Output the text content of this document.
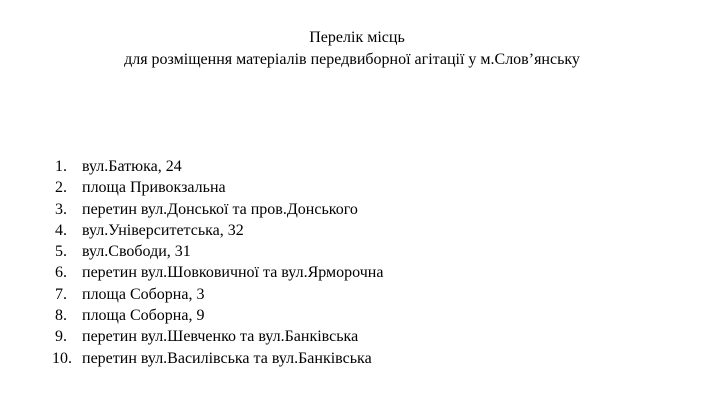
Перелік місць
для розміщення матеріалів передвиборної агітації у м.Слов’янську
1. вул.Батюка, 24
2. площа Привокзальна
3. перетин вул.Донської та пров.Донського
4. вул.Університетська, 32
5. вул.Свободи, 31
6. перетин вул.Шовковичної та вул.Ярморочна
7. площа Соборна, 3
8. площа Соборна, 9
9. перетин вул.Шевченко та вул.Банківська
10. перетин вул.Василівська та вул.Банківська
